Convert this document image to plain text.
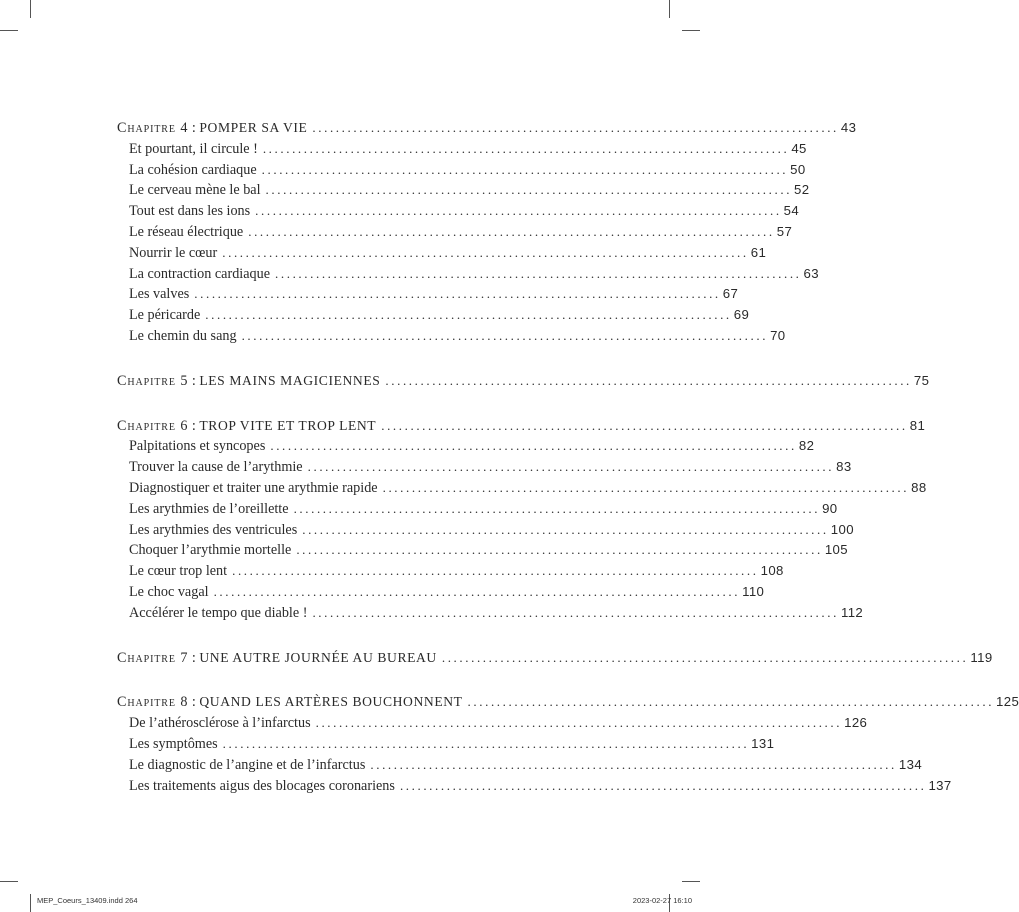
Chapitre 4 : POMPER SA VIE .......................................................................................... 43
Et pourtant, il circule ! .......................................................................................... 45
La cohésion cardiaque .......................................................................................... 50
Le cerveau mène le bal .......................................................................................... 52
Tout est dans les ions .......................................................................................... 54
Le réseau électrique .......................................................................................... 57
Nourrir le cœur .......................................................................................... 61
La contraction cardiaque .......................................................................................... 63
Les valves .......................................................................................... 67
Le péricarde .......................................................................................... 69
Le chemin du sang .......................................................................................... 70
Chapitre 5 : LES MAINS MAGICIENNES .......................................................................................... 75
Chapitre 6 : TROP VITE ET TROP LENT .......................................................................................... 81
Palpitations et syncopes .......................................................................................... 82
Trouver la cause de l’arythmie .......................................................................................... 83
Diagnostiquer et traiter une arythmie rapide .......................................................................................... 88
Les arythmies de l’oreillette .......................................................................................... 90
Les arythmies des ventricules .......................................................................................... 100
Choquer l’arythmie mortelle .......................................................................................... 105
Le cœur trop lent .......................................................................................... 108
Le choc vagal .......................................................................................... 110
Accélérer le tempo que diable ! .......................................................................................... 112
Chapitre 7 : UNE AUTRE JOURNÉE AU BUREAU .......................................................................................... 119
Chapitre 8 : QUAND LES ARTÈRES BOUCHONNENT .......................................................................................... 125
De l’athérosclérose à l’infarctus .......................................................................................... 126
Les symptômes .......................................................................................... 131
Le diagnostic de l’angine et de l’infarctus .......................................................................................... 134
Les traitements aigus des blocages coronariens .......................................................................................... 137
MEP_Coeurs_13409.indd 264	2023-02-27 16:10
